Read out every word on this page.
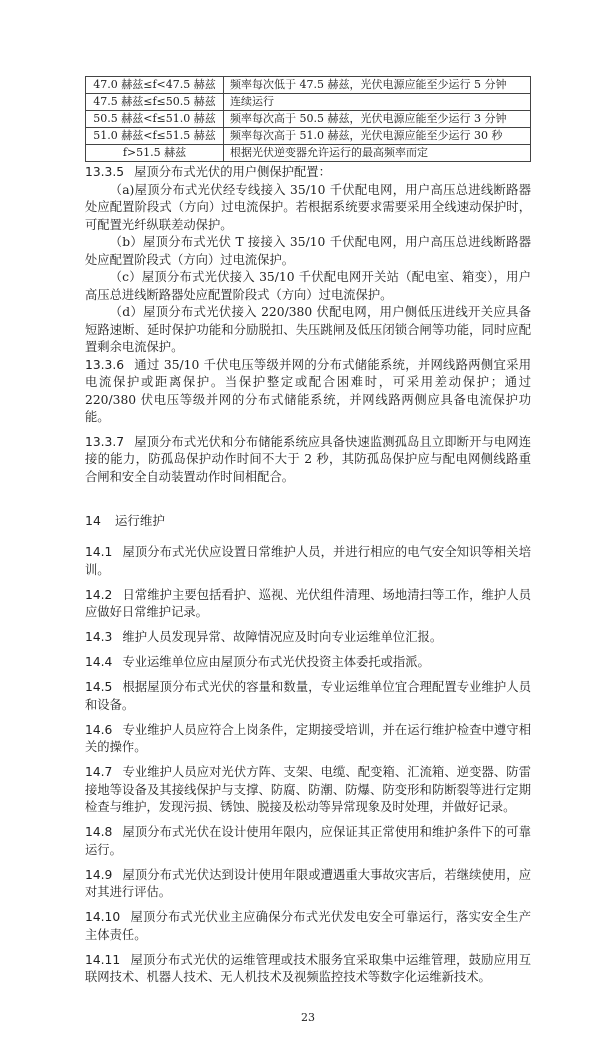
47.0 赫兹≤f<47.5 赫兹	频率每次低于 47.5 赫兹，光伏电源应能至少运行 5 分钟
47.5 赫兹≤f≤50.5 赫兹	连续运行
50.5 赫兹<f≤51.0 赫兹	频率每次高于 50.5 赫兹，光伏电源应能至少运行 3 分钟
51.0 赫兹<f≤51.5 赫兹	频率每次高于 51.0 赫兹，光伏电源应能至少运行 30 秒
f>51.5 赫兹	根据光伏逆变器允许运行的最高频率而定

13.3.5 屋顶分布式光伏的用户侧保护配置：

（a)屋顶分布式光伏经专线接入 35/10 千伏配电网，用户高压总进线断路器处应配置阶段式（方向）过电流保护。若根据系统要求需要采用全线速动保护时，可配置光纤纵联差动保护。

（b）屋顶分布式光伏 T 接接入 35/10 千伏配电网，用户高压总进线断路器处应配置阶段式（方向）过电流保护。

（c）屋顶分布式光伏接入 35/10 千伏配电网开关站（配电室、箱变），用户高压总进线断路器处应配置阶段式（方向）过电流保护。

（d）屋顶分布式光伏接入 220/380 伏配电网，用户侧低压进线开关应具备短路速断、延时保护功能和分励脱扣、失压跳闸及低压闭锁合闸等功能，同时应配置剩余电流保护。

13.3.6 通过 35/10 千伏电压等级并网的分布式储能系统，并网线路两侧宜采用电流保护或距离保护。当保护整定或配合困难时，可采用差动保护；通过 220/380 伏电压等级并网的分布式储能系统，并网线路两侧应具备电流保护功能。

13.3.7 屋顶分布式光伏和分布储能系统应具备快速监测孤岛且立即断开与电网连接的能力，防孤岛保护动作时间不大于 2 秒，其防孤岛保护应与配电网侧线路重合闸和安全自动装置动作时间相配合。

14 运行维护

14.1 屋顶分布式光伏应设置日常维护人员，并进行相应的电气安全知识等相关培训。

14.2 日常维护主要包括看护、巡视、光伏组件清理、场地清扫等工作，维护人员应做好日常维护记录。

14.3 维护人员发现异常、故障情况应及时向专业运维单位汇报。

14.4 专业运维单位应由屋顶分布式光伏投资主体委托或指派。

14.5 根据屋顶分布式光伏的容量和数量，专业运维单位宜合理配置专业维护人员和设备。

14.6 专业维护人员应符合上岗条件，定期接受培训，并在运行维护检查中遵守相关的操作。

14.7 专业维护人员应对光伏方阵、支架、电缆、配变箱、汇流箱、逆变器、防雷接地等设备及其接线保护与支撑、防腐、防潮、防爆、防变形和防断裂等进行定期检查与维护，发现污损、锈蚀、脱接及松动等异常现象及时处理，并做好记录。

14.8 屋顶分布式光伏在设计使用年限内，应保证其正常使用和维护条件下的可靠运行。

14.9 屋顶分布式光伏达到设计使用年限或遭遇重大事故灾害后，若继续使用，应对其进行评估。

14.10 屋顶分布式光伏业主应确保分布式光伏发电安全可靠运行，落实安全生产主体责任。

14.11 屋顶分布式光伏的运维管理或技术服务宜采取集中运维管理，鼓励应用互联网技术、机器人技术、无人机技术及视频监控技术等数字化运维新技术。

23
